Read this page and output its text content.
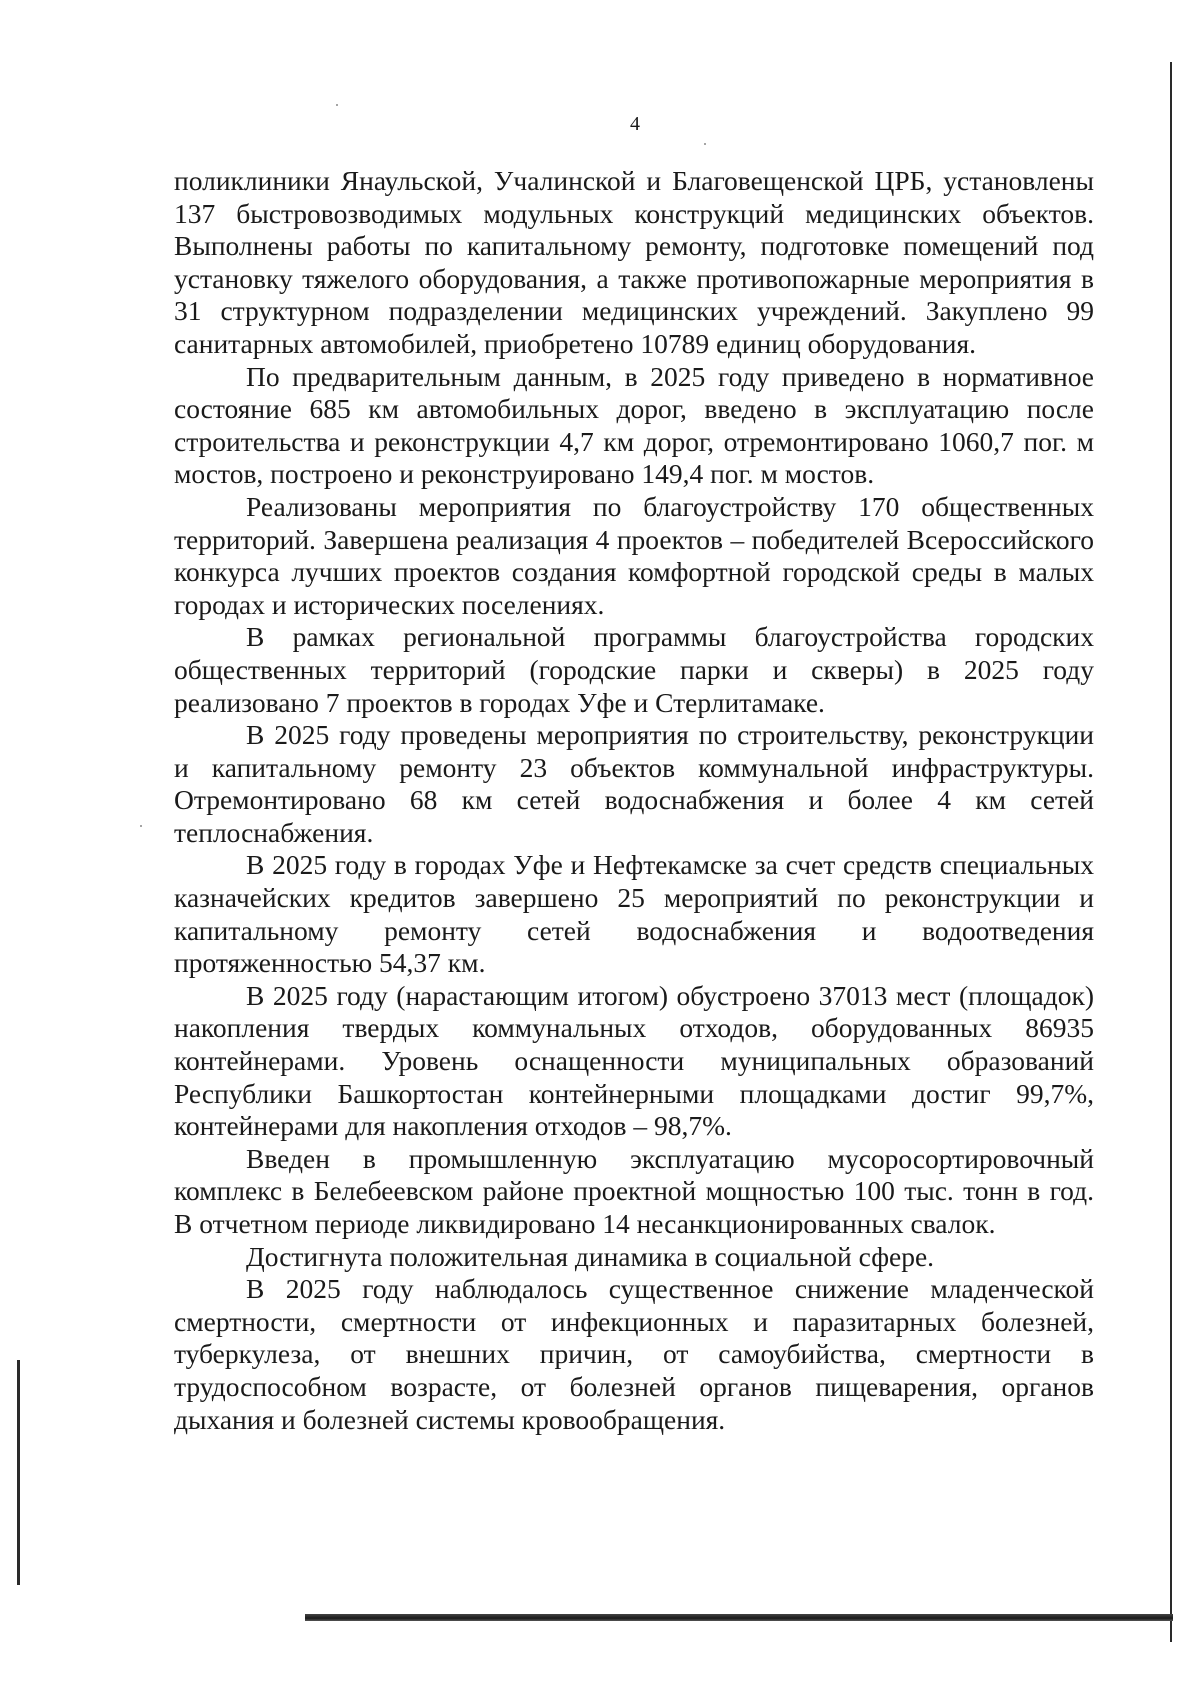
4

поликлиники Янаульской, Учалинской и Благовещенской ЦРБ, установлены 137 быстровозводимых модульных конструкций медицинских объектов. Выполнены работы по капитальному ремонту, подготовке помещений под установку тяжелого оборудования, а также противопожарные мероприятия в 31 структурном подразделении медицинских учреждений. Закуплено 99 санитарных автомобилей, приобретено 10789 единиц оборудования.

По предварительным данным, в 2025 году приведено в нормативное состояние 685 км автомобильных дорог, введено в эксплуатацию после строительства и реконструкции 4,7 км дорог, отремонтировано 1060,7 пог. м мостов, построено и реконструировано 149,4 пог. м мостов.

Реализованы мероприятия по благоустройству 170 общественных территорий. Завершена реализация 4 проектов – победителей Всероссийского конкурса лучших проектов создания комфортной городской среды в малых городах и исторических поселениях.

В рамках региональной программы благоустройства городских общественных территорий (городские парки и скверы) в 2025 году реализовано 7 проектов в городах Уфе и Стерлитамаке.

В 2025 году проведены мероприятия по строительству, реконструкции и капитальному ремонту 23 объектов коммунальной инфраструктуры. Отремонтировано 68 км сетей водоснабжения и более 4 км сетей теплоснабжения.

В 2025 году в городах Уфе и Нефтекамске за счет средств специальных казначейских кредитов завершено 25 мероприятий по реконструкции и капитальному ремонту сетей водоснабжения и водоотведения протяженностью 54,37 км.

В 2025 году (нарастающим итогом) обустроено 37013 мест (площадок) накопления твердых коммунальных отходов, оборудованных 86935 контейнерами. Уровень оснащенности муниципальных образований Республики Башкортостан контейнерными площадками достиг 99,7%, контейнерами для накопления отходов – 98,7%.

Введен в промышленную эксплуатацию мусоросортировочный комплекс в Белебеевском районе проектной мощностью 100 тыс. тонн в год. В отчетном периоде ликвидировано 14 несанкционированных свалок.

Достигнута положительная динамика в социальной сфере.

В 2025 году наблюдалось существенное снижение младенческой смертности, смертности от инфекционных и паразитарных болезней, туберкулеза, от внешних причин, от самоубийства, смертности в трудоспособном возрасте, от болезней органов пищеварения, органов дыхания и болезней системы кровообращения.
